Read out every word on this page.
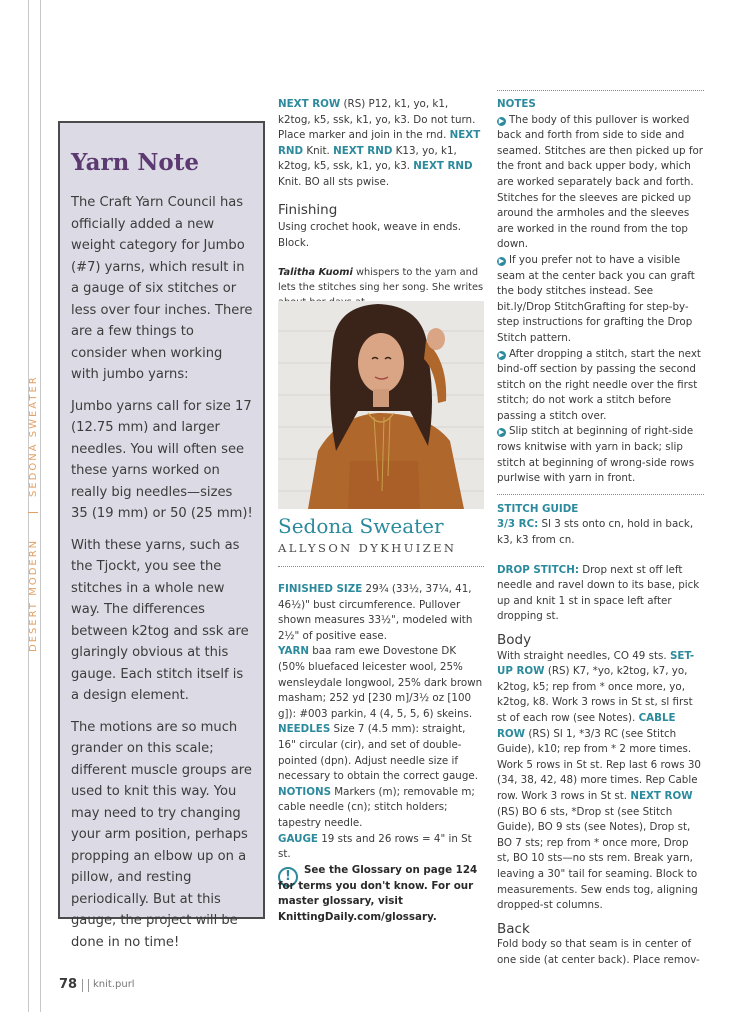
SEDONA SWEATER
DESERT MODERN
Yarn Note

The Craft Yarn Council has officially added a new weight category for Jumbo (#7) yarns, which result in a gauge of six stitches or less over four inches. There are a few things to consider when working with jumbo yarns:

Jumbo yarns call for size 17 (12.75 mm) and larger needles. You will often see these yarns worked on really big needles—sizes 35 (19 mm) or 50 (25 mm)!

With these yarns, such as the Tjockt, you see the stitches in a whole new way. The differences between k2tog and ssk are glaringly obvious at this gauge. Each stitch itself is a design element.

The motions are so much grander on this scale; different muscle groups are used to knit this way. You may need to try changing your arm position, perhaps propping an elbow up on a pillow, and resting periodically. But at this gauge, the project will be done in no time!

NEXT ROW (RS) P12, k1, yo, k1, k2tog, k5, ssk, k1, yo, k3. Do not turn. Place marker and join in the rnd. NEXT RND Knit. NEXT RND K13, yo, k1, k2tog, k5, ssk, k1, yo, k3. NEXT RND Knit. BO all sts pwise.

Finishing

Using crochet hook, weave in ends. Block.

Talitha Kuomi whispers to the yarn and lets the stitches sing her song. She writes

Sedona Sweater
ALLYSON DYKHUIZEN

FINISHED SIZE 29¾ (33½, 37¼, 41, 46½)" bust circumference. Pullover shown measures 33½", modeled with 2½" of positive ease.

YARN baa ram ewe Dovestone DK (50% bluefaced leicester wool, 25% wensleydale longwool, 25% dark brown masham; 252 yd [230 m]/3½ oz [100 g]): #003 parkin, 4 (4, 5, 5, 6) skeins.

NEEDLES Size 7 (4.5 mm): straight, 16" circular (cir), and set of double-pointed (dpn). Adjust needle size if necessary to obtain the correct gauge.

NOTIONS Markers (m); removable m; cable needle (cn); stitch holders; tapestry needle.

GAUGE 19 sts and 26 rows = 4" in St st.

!	See the Glossary on page 124 for terms you don't know. For our master glossary, visit KnittingDaily.com/glossary.

NOTES

▶ The body of this pullover is worked back and forth from side to side and seamed. Stitches are then picked up for the front and back upper body, which are worked separately back and forth. Stitches for the sleeves are picked up around the armholes and the sleeves are worked in the round from the top down.

▶ If you prefer not to have a visible seam at the center back you can graft the body stitches instead. See bit.ly/Drop StitchGrafting for step-by-step instructions for grafting the Drop Stitch pattern.

▶ After dropping a stitch, start the next bind-off section by passing the second stitch on the right needle over the first stitch; do not work a stitch before passing a stitch over.

▶ Slip stitch at beginning of right-side rows knitwise with yarn in back; slip stitch at beginning of wrong-side rows purlwise with yarn in front.

STITCH GUIDE

3/3 RC: Sl 3 sts onto cn, hold in back, k3, k3 from cn.

DROP STITCH: Drop next st off left needle and ravel down to its base, pick up and knit 1 st in space left after dropping st.

Body

With straight needles, CO 49 sts. SET-UP ROW (RS) K7, *yo, k2tog, k7, yo, k2tog, k5; rep from * once more, yo, k2tog, k8. Work 3 rows in St st, sl first st of each row (see Notes). CABLE ROW (RS) Sl 1, *3/3 RC (see Stitch Guide), k10; rep from * 2 more times. Work 5 rows in St st. Rep last 6 rows 30 (34, 38, 42, 48) more times. Rep Cable row. Work 3 rows in St st. NEXT ROW (RS) BO 6 sts, *Drop st (see Stitch Guide), BO 9 sts (see Notes), Drop st, BO 7 sts; rep from * once more, Drop st, BO 10 sts—no sts rem. Break yarn, leaving a 30" tail for seaming. Block to measurements. Sew ends tog, aligning dropped-st columns.

Back

Fold body so that seam is in center of one side (at center back). Place remov-

78 knit.purl
